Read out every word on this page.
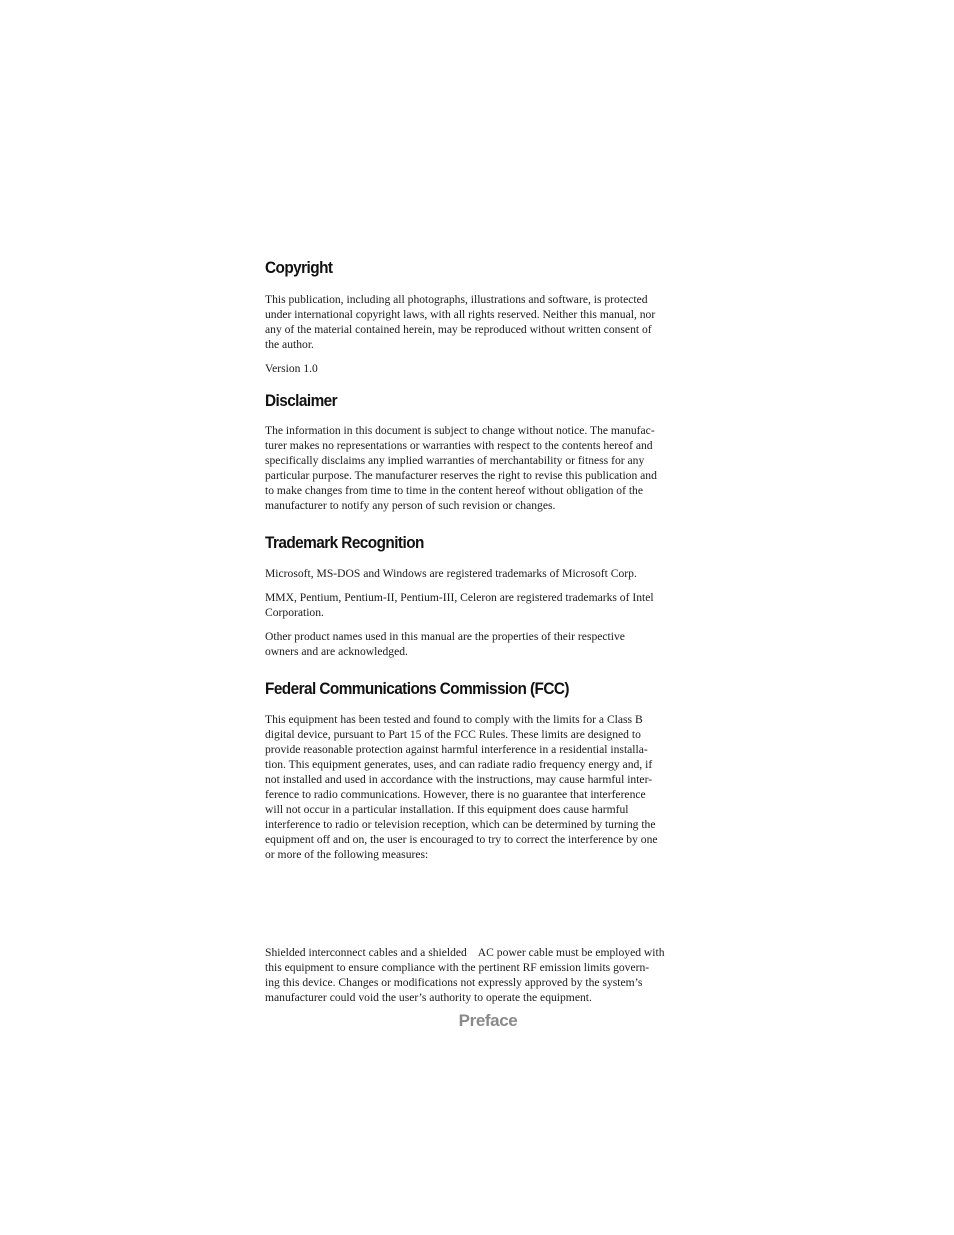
Copyright
This publication, including all photographs, illustrations and software, is protected
under international copyright laws, with all rights reserved. Neither this manual, nor
any of the material contained herein, may be reproduced without written consent of
the author.
Version 1.0
Disclaimer
The information in this document is subject to change without notice. The manufac-
turer makes no representations or warranties with respect to the contents hereof and
specifically disclaims any implied warranties of merchantability or fitness for any
particular purpose. The manufacturer reserves the right to revise this publication and
to make changes from time to time in the content hereof without obligation of the
manufacturer to notify any person of such revision or changes.
Trademark Recognition
Microsoft, MS-DOS and Windows are registered trademarks of Microsoft Corp.
MMX, Pentium, Pentium-II, Pentium-III, Celeron are registered trademarks of Intel
Corporation.
Other product names used in this manual are the properties of their respective
owners and are acknowledged.
Federal Communications Commission (FCC)
This equipment has been tested and found to comply with the limits for a Class B
digital device, pursuant to Part 15 of the FCC Rules. These limits are designed to
provide reasonable protection against harmful interference in a residential installa-
tion. This equipment generates, uses, and can radiate radio frequency energy and, if
not installed and used in accordance with the instructions, may cause harmful inter-
ference to radio communications. However, there is no guarantee that interference
will not occur in a particular installation. If this equipment does cause harmful
interference to radio or television reception, which can be determined by turning the
equipment off and on, the user is encouraged to try to correct the interference by one
or more of the following measures:
Shielded interconnect cables and a shielded    AC power cable must be employed with
this equipment to ensure compliance with the pertinent RF emission limits govern-
ing this device. Changes or modifications not expressly approved by the system’s
manufacturer could void the user’s authority to operate the equipment.
Preface
